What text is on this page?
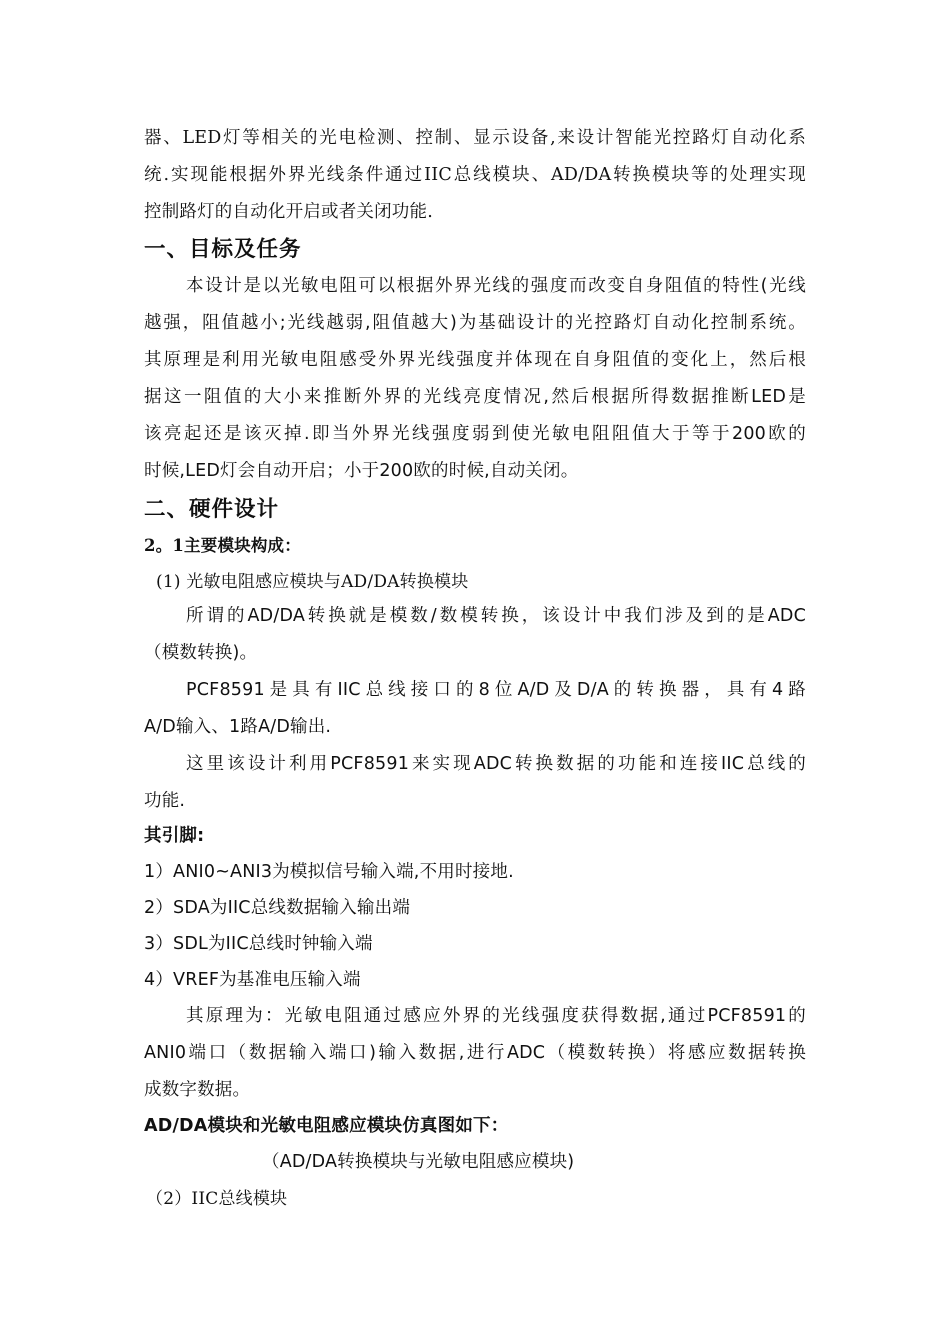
器、LED灯等相关的光电检测、控制、显示设备,来设计智能光控路灯自动化系
统.实现能根据外界光线条件通过IIC总线模块、AD/DA转换模块等的处理实现
控制路灯的自动化开启或者关闭功能.
一、目标及任务
本设计是以光敏电阻可以根据外界光线的强度而改变自身阻值的特性(光线
越强，阻值越小;光线越弱,阻值越大)为基础设计的光控路灯自动化控制系统。
其原理是利用光敏电阻感受外界光线强度并体现在自身阻值的变化上，然后根
据这一阻值的大小来推断外界的光线亮度情况,然后根据所得数据推断LED是
该亮起还是该灭掉.即当外界光线强度弱到使光敏电阻阻值大于等于200欧的
时候,LED灯会自动开启；小于200欧的时候,自动关闭。
二、硬件设计
2。1主要模块构成：
(1) 光敏电阻感应模块与AD/DA转换模块
所谓的AD/DA转换就是模数/数模转换，该设计中我们涉及到的是ADC
（模数转换)。
PCF8591是具有IIC总线接口的8位A/D及D/A的转换器，具有4路
A/D输入、1路A/D输出.
这里该设计利用PCF8591来实现ADC转换数据的功能和连接IIC总线的
功能.
其引脚:
1）ANI0~ANI3为模拟信号输入端,不用时接地.
2）SDA为IIC总线数据输入输出端
3）SDL为IIC总线时钟输入端
4）VREF为基准电压输入端
其原理为：光敏电阻通过感应外界的光线强度获得数据,通过PCF8591的
ANI0端口（数据输入端口)输入数据,进行ADC（模数转换）将感应数据转换
成数字数据。
AD/DA模块和光敏电阻感应模块仿真图如下：
（AD/DA转换模块与光敏电阻感应模块)
（2）IIC总线模块
